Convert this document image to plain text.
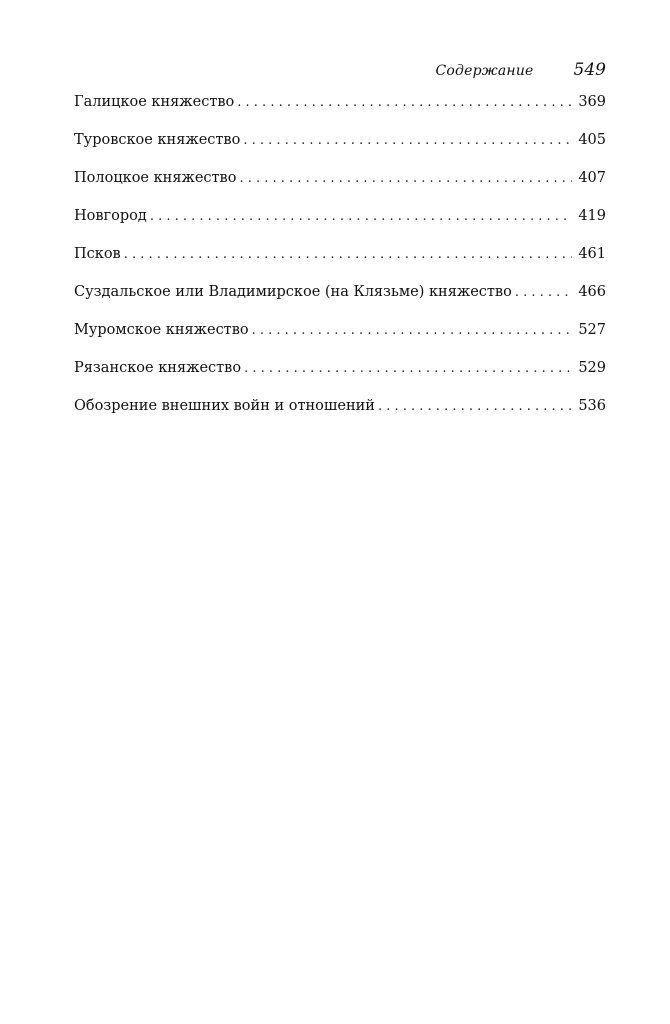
Содержание 549
Галицкое княжество . . .	369
Туровское княжество . . .	405
Полоцкое княжество . . .	407
Новгород . . .	419
Псков . . .	461
Суздальское или Владимирское (на Клязьме) княжество . . .	466
Муромское княжество . . .	527
Рязанское княжество . . .	529
Обозрение внешних войн и отношений . . .	536
